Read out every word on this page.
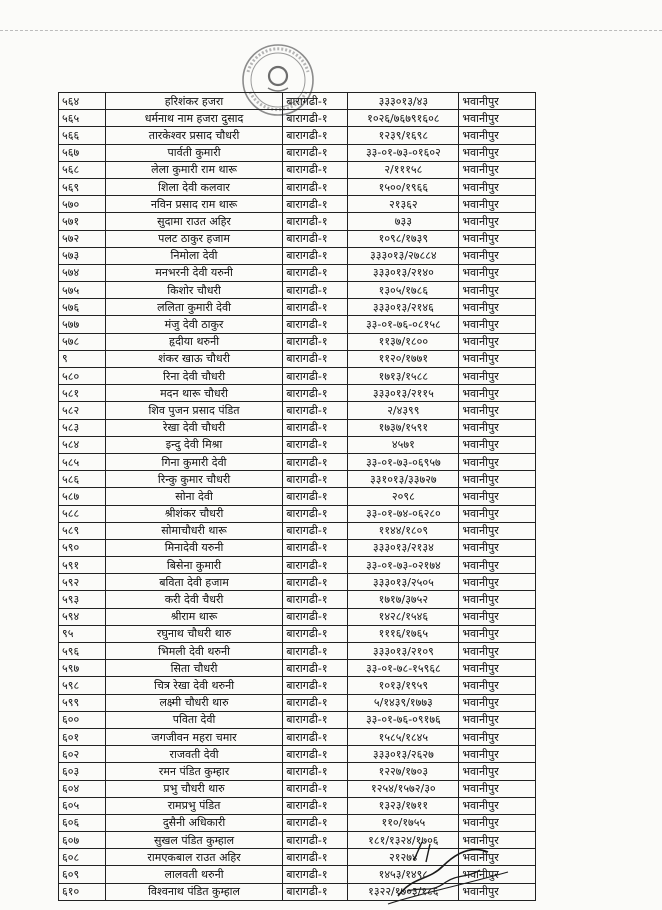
५६४	हरिशंकर हजरा	बारागढी-१	३३३०१३/४३	भवानीपुर
५६५	धर्मनाथ नाम हजरा दुसाद	बारागढी-१	१०२६/७६७९१६०८	भवानीपुर
५६६	तारकेश्वर प्रसाद चौधरी	बारागढी-१	१२३९/१६९८	भवानीपुर
५६७	पार्वती कुमारी	बारागढी-१	३३-०१-७३-०१६०२	भवानीपुर
५६८	लेला कुमारी राम थारू	बारागढी-१	२/१११५८	भवानीपुर
५६९	शिला देवी कलवार	बारागढी-१	१५००/१९६६	भवानीपुर
५७०	नविन प्रसाद राम थारू	बारागढी-१	२१३६२	भवानीपुर
५७१	सुदामा राउत अहिर	बारागढी-१	७३३	भवानीपुर
५७२	पलट ठाकुर हजाम	बारागढी-१	१०९८/१७३९	भवानीपुर
५७३	निमोला देवी	बारागढी-१	३३३०१३/२७८८४	भवानीपुर
५७४	मनभरनी देवी यरुनी	बारागढी-१	३३३०१३/२१४०	भवानीपुर
५७५	किशोर चौधरी	बारागढी-१	१३०५/१७८६	भवानीपुर
५७६	ललिता कुमारी देवी	बारागढी-१	३३३०१३/२१४६	भवानीपुर
५७७	मंजु देवी ठाकुर	बारागढी-१	३३-०१-७६-०८१५८	भवानीपुर
५७८	हृदीया थरुनी	बारागढी-१	११३७/१८००	भवानीपुर
९	शंकर खाऊ चौधरी	बारागढी-१	११२०/१७७१	भवानीपुर
५८०	रिना देवी चौधरी	बारागढी-१	१७१३/१५८८	भवानीपुर
५८१	मदन थारू चौधरी	बारागढी-१	३३३०१३/२११५	भवानीपुर
५८२	शिव पुजन प्रसाद पंडित	बारागढी-१	२/४३९९	भवानीपुर
५८३	रेखा देवी चौधरी	बारागढी-१	१७३७/१५९१	भवानीपुर
५८४	इन्दु देवी मिश्रा	बारागढी-१	४५७१	भवानीपुर
५८५	गिना कुमारी देवी	बारागढी-१	३३-०१-७३-०६९५७	भवानीपुर
५८६	रिन्कु कुमार चौधरी	बारागढी-१	३३१०१३/३३७२७	भवानीपुर
५८७	सोना देवी	बारागढी-१	२०९८	भवानीपुर
५८८	श्रीशंकर चौधरी	बारागढी-१	३३-०१-७४-०६२८०	भवानीपुर
५८९	सोमाचौधरी थारू	बारागढी-१	११४४/१८०९	भवानीपुर
५९०	मिनादेवी यरुनी	बारागढी-१	३३३०१३/२१३४	भवानीपुर
५९१	बिसेना कुमारी	बारागढी-१	३३-०१-७३-०२१७४	भवानीपुर
५९२	बविता देवी हजाम	बारागढी-१	३३३०१३/२५०५	भवानीपुर
५९३	करी देवी चैधरी	बारागढी-१	१७१७/३७५२	भवानीपुर
५९४	श्रीराम थारू	बारागढी-१	१४२८/१५४६	भवानीपुर
९५	रघुनाथ चौधरी थारु	बारागढी-१	१११६/१७६५	भवानीपुर
५९६	भिमली देवी थरुनी	बारागढी-१	३३३०१३/२१०९	भवानीपुर
५९७	सिता चौधरी	बारागढी-१	३३-०१-७८-१५९६८	भवानीपुर
५९८	चित्र रेखा देवी थरुनी	बारागढी-१	१०१३/१९५९	भवानीपुर
५९९	लक्ष्मी चौधरी थारु	बारागढी-१	५/१४३९/१७७३	भवानीपुर
६००	पविता देवी	बारागढी-१	३३-०१-७६-०९१७६	भवानीपुर
६०१	जगजीवन महरा चमार	बारागढी-१	१५८५/१८४५	भवानीपुर
६०२	राजवती देवी	बारागढी-१	३३३०१३/२६२७	भवानीपुर
६०३	रमन पंडित कुम्हार	बारागढी-१	१२२७/१७०३	भवानीपुर
६०४	प्रभु चौधरी थारु	बारागढी-१	१२५४/१५७२/३०	भवानीपुर
६०५	रामप्रभु पंडित	बारागढी-१	१३२३/१७११	भवानीपुर
६०६	दुसैनी अधिकारी	बारागढी-१	११०/१७५५	भवानीपुर
६०७	सुखल पंडित कुम्हाल	बारागढी-१	१८१/१३२४/१७०६	भवानीपुर
६०८	रामएकबाल राउत अहिर	बारागढी-१	२१२७४	भवानीपुर
६०९	लालवती थरुनी	बारागढी-१	१४५३/१४९८	भवानीपुर
६१०	विश्वनाथ पंडित कुम्हाल	बारागढी-१	१३२२/१७०३/१८६	भवानीपुर
